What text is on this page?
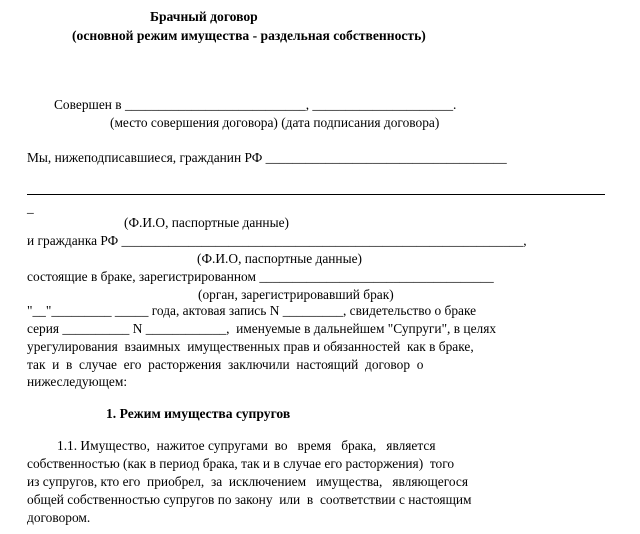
Брачный договор
(основной режим имущества - раздельная собственность)
Совершен в ___________________________, _____________________.
(место совершения договора) (дата подписания договора)
Мы, нижеподписавшиеся, гражданин РФ ____________________________________
_
(Ф.И.О, паспортные данные)
и гражданка РФ ____________________________________________________________,
(Ф.И.О, паспортные данные)
состоящие в браке, зарегистрированном ___________________________________
(орган, зарегистрировавший брак)
"__"_________ _____ года, актовая запись N _________, свидетельство о браке
серия __________ N ____________,  именуемые в дальнейшем "Супруги", в целях
урегулирования  взаимных  имущественных прав и обязанностей  как в браке,
так  и  в  случае  его  расторжения  заключили  настоящий  договор  о
нижеследующем:
1. Режим имущества супругов
1.1. Имущество,  нажитое супругами  во   время   брака,   является
собственностью (как в период брака, так и в случае его расторжения)  того
из супругов, кто его  приобрел,  за  исключением   имущества,   являющегося
общей собственностью супругов по закону  или  в  соответствии с настоящим
договором.
